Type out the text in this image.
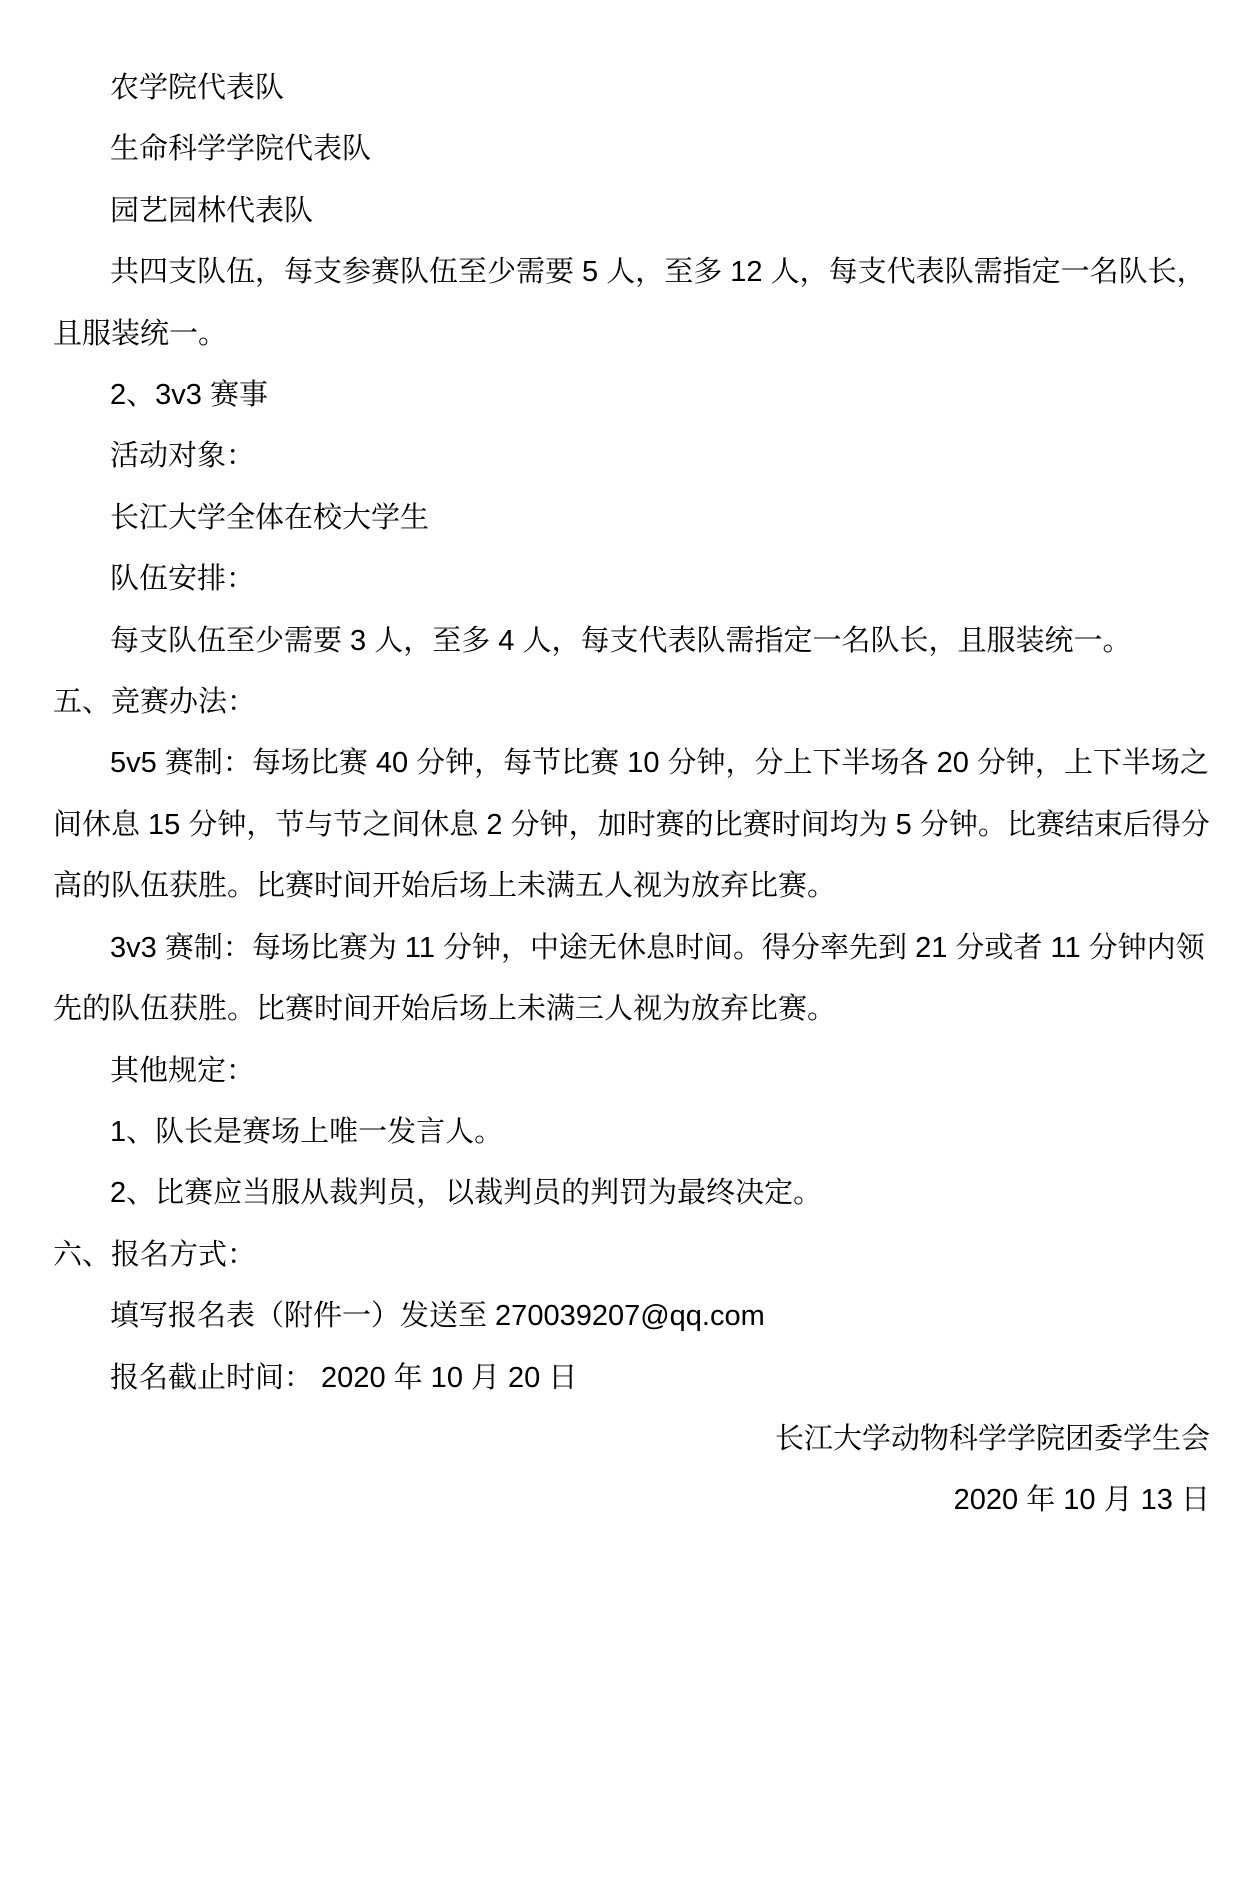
农学院代表队
生命科学学院代表队
园艺园林代表队
共四支队伍，每支参赛队伍至少需要 5 人，至多 12 人，每支代表队需指定一名队长，
且服装统一。
2、3v3 赛事
活动对象：
长江大学全体在校大学生
队伍安排：
每支队伍至少需要 3 人，至多 4 人，每支代表队需指定一名队长，且服装统一。
五、竞赛办法：
5v5 赛制：每场比赛 40 分钟，每节比赛 10 分钟，分上下半场各 20 分钟，上下半场之
间休息 15 分钟，节与节之间休息 2 分钟，加时赛的比赛时间均为 5 分钟。比赛结束后得分
高的队伍获胜。比赛时间开始后场上未满五人视为放弃比赛。
3v3 赛制：每场比赛为 11 分钟，中途无休息时间。得分率先到 21 分或者 11 分钟内领
先的队伍获胜。比赛时间开始后场上未满三人视为放弃比赛。
其他规定：
1、队长是赛场上唯一发言人。
2、比赛应当服从裁判员，以裁判员的判罚为最终决定。
六、报名方式：
填写报名表（附件一）发送至 270039207@qq.com
报名截止时间： 2020 年 10 月 20 日
长江大学动物科学学院团委学生会
2020 年 10 月 13 日
